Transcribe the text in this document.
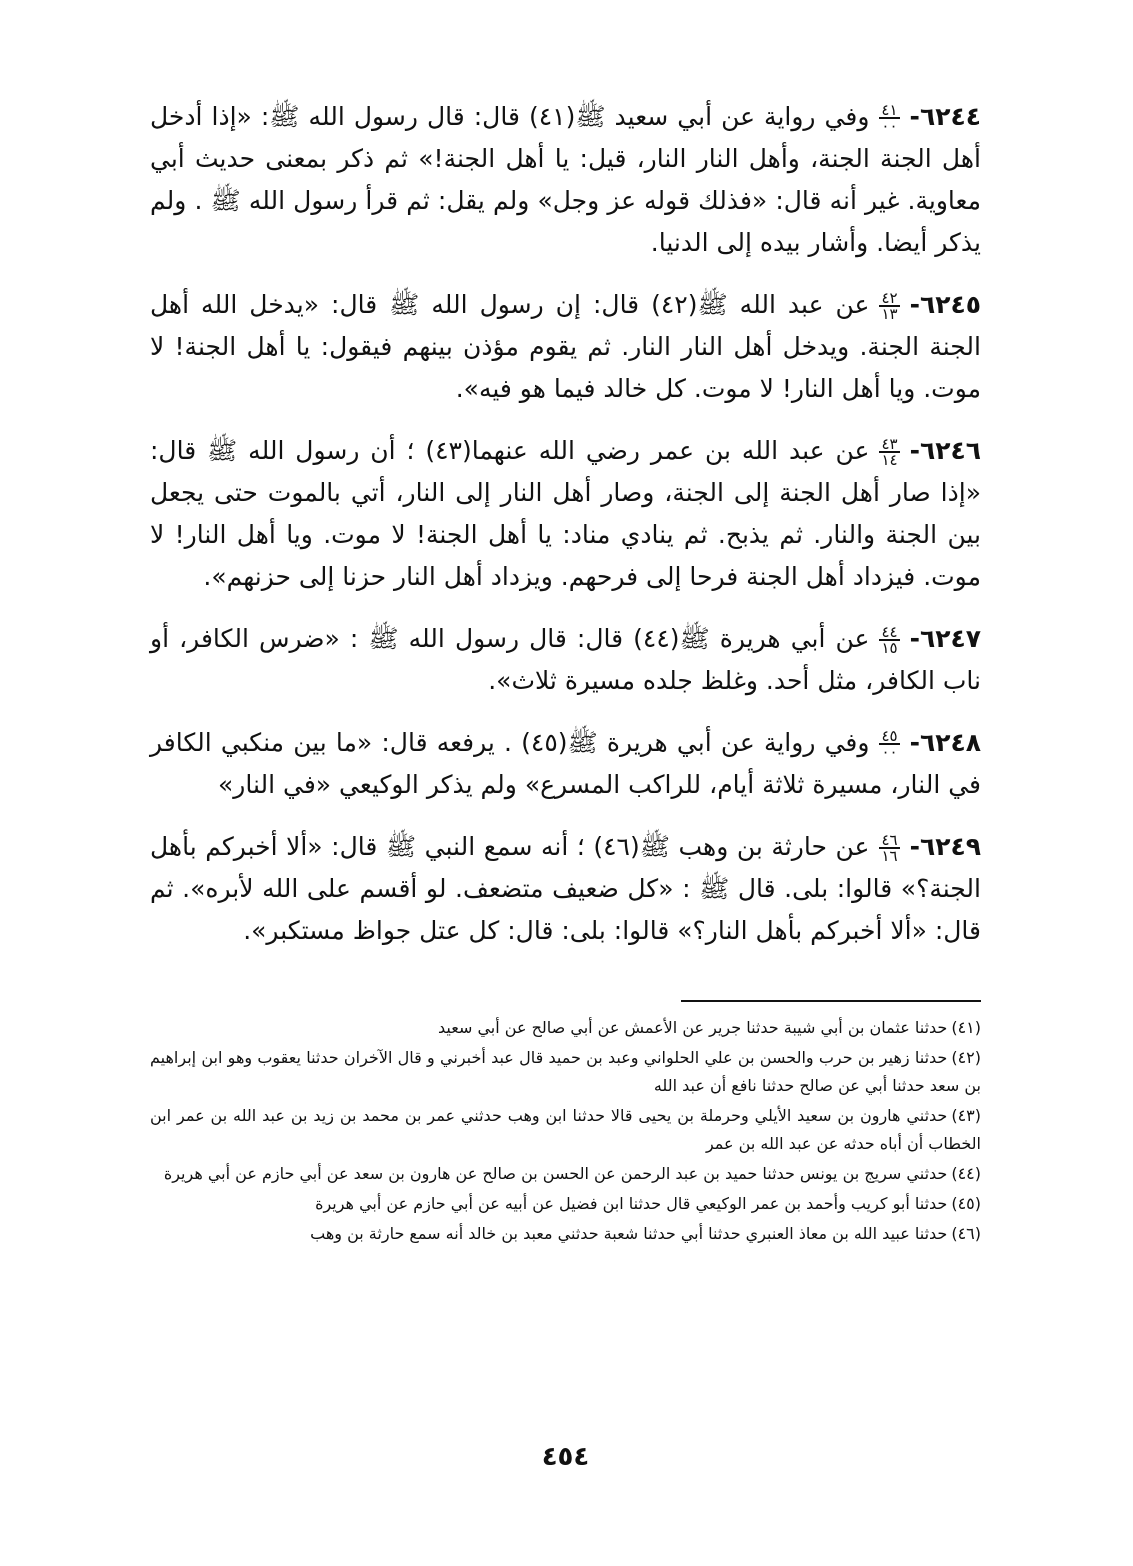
٦٢٤٤-
$\frac{٤١}{٠٠}$
وفي رواية عن أبي سعيد ﷺ(٤١) قال: قال رسول الله ﷺ: «إذا أدخل أهل الجنة الجنة، وأهل النار النار، قيل: يا أهل الجنة!» ثم ذكر بمعنى حديث أبي معاوية. غير أنه قال: «فذلك قوله عز وجل» ولم يقل: ثم قرأ رسول الله ﷺ . ولم يذكر أيضا. وأشار بيده إلى الدنيا.
٦٢٤٥-
$\frac{٤٢}{١٣}$
عن عبد الله ﷺ(٤٢) قال: إن رسول الله ﷺ قال: «يدخل الله أهل الجنة الجنة. ويدخل أهل النار النار. ثم يقوم مؤذن بينهم فيقول: يا أهل الجنة! لا موت. ويا أهل النار! لا موت. كل خالد فيما هو فيه».
٦٢٤٦-
$\frac{٤٣}{١٤}$
عن عبد الله بن عمر رضي الله عنهما(٤٣) ؛ أن رسول الله ﷺ قال: «إذا صار أهل الجنة إلى الجنة، وصار أهل النار إلى النار، أتي بالموت حتى يجعل بين الجنة والنار. ثم يذبح. ثم ينادي مناد: يا أهل الجنة! لا موت. ويا أهل النار! لا موت. فيزداد أهل الجنة فرحا إلى فرحهم. ويزداد أهل النار حزنا إلى حزنهم».
٦٢٤٧-
$\frac{٤٤}{١٥}$
عن أبي هريرة ﷺ(٤٤) قال: قال رسول الله ﷺ : «ضرس الكافر، أو ناب الكافر، مثل أحد. وغلظ جلده مسيرة ثلاث».
٦٢٤٨-
$\frac{٤٥}{٠٠}$
وفي رواية عن أبي هريرة ﷺ(٤٥) . يرفعه قال: «ما بين منكبي الكافر في النار، مسيرة ثلاثة أيام، للراكب المسرع» ولم يذكر الوكيعي «في النار»
٦٢٤٩-
$\frac{٤٦}{١٦}$
عن حارثة بن وهب ﷺ(٤٦) ؛ أنه سمع النبي ﷺ قال: «ألا أخبركم بأهل الجنة؟» قالوا: بلى. قال ﷺ : «كل ضعيف متضعف. لو أقسم على الله لأبره». ثم قال: «ألا أخبركم بأهل النار؟» قالوا: بلى: قال: كل عتل جواظ مستكبر».
(٤١)حدثنا عثمان بن أبي شيبة حدثنا جرير عن الأعمش عن أبي صالح عن أبي سعيد
(٤٢)حدثنا زهير بن حرب والحسن بن علي الحلواني وعبد بن حميد قال عبد أخبرني و قال الآخران حدثنا يعقوب وهو ابن إبراهيم بن سعد حدثنا أبي عن صالح حدثنا نافع أن عبد الله
(٤٣)حدثني هارون بن سعيد الأيلي وحرملة بن يحيى قالا حدثنا ابن وهب حدثني عمر بن محمد بن زيد بن عبد الله بن عمر ابن الخطاب أن أباه حدثه عن عبد الله بن عمر
(٤٤)حدثني سريج بن يونس حدثنا حميد بن عبد الرحمن عن الحسن بن صالح عن هارون بن سعد عن أبي حازم عن أبي هريرة
(٤٥)حدثنا أبو كريب وأحمد بن عمر الوكيعي قال حدثنا ابن فضيل عن أبيه عن أبي حازم عن أبي هريرة
(٤٦)حدثنا عبيد الله بن معاذ العنبري حدثنا أبي حدثنا شعبة حدثني معبد بن خالد أنه سمع حارثة بن وهب
٤٥٤
